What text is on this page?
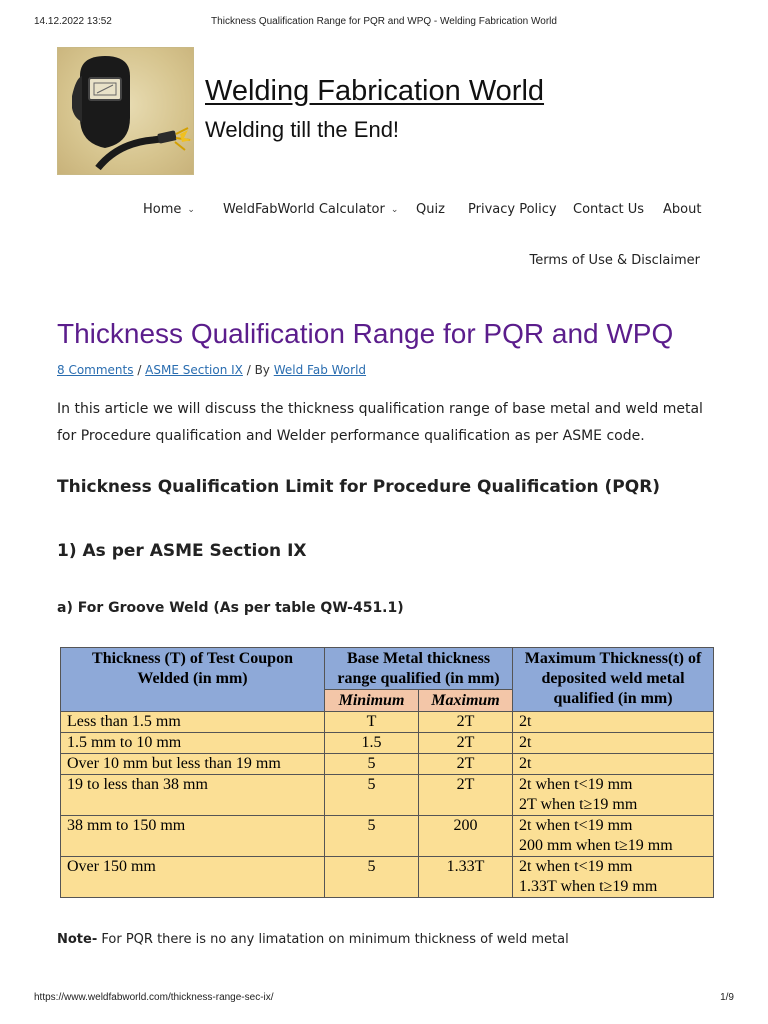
14.12.2022 13:52	Thickness Qualification Range for PQR and WPQ - Welding Fabrication World
Welding Fabrication World
Welding till the End!
Home ⌄ WeldFabWorld Calculator ⌄ Quiz Privacy Policy Contact Us About
Terms of Use & Disclaimer
Thickness Qualification Range for PQR and WPQ
8 Comments / ASME Section IX / By Weld Fab World
In this article we will discuss the thickness qualification range of base metal and weld metal for Procedure qualification and Welder performance qualification as per ASME code.
Thickness Qualification Limit for Procedure Qualification (PQR)
1) As per ASME Section IX
a) For Groove Weld (As per table QW-451.1)
Thickness (T) of Test Coupon Welded (in mm)	Base Metal thickness range qualified (in mm)		Maximum Thickness(t) of deposited weld metal qualified (in mm)
	Minimum	Maximum	
Less than 1.5 mm	T	2T	2t

1.5 mm to 10 mm	1.5	2T	2t

Over 10 mm but less than 19 mm	5	2T	2t

19 to less than 38 mm	5	2T	2t when t<19 mm
2T when t≥19 mm

38 mm to 150 mm	5	200	2t when t<19 mm
200 mm when t≥19 mm

Over 150 mm	5	1.33T	2t when t<19 mm
1.33T when t≥19 mm
Note- For PQR there is no any limatation on minimum thickness of weld metal
https://www.weldfabworld.com/thickness-range-sec-ix/	1/9
